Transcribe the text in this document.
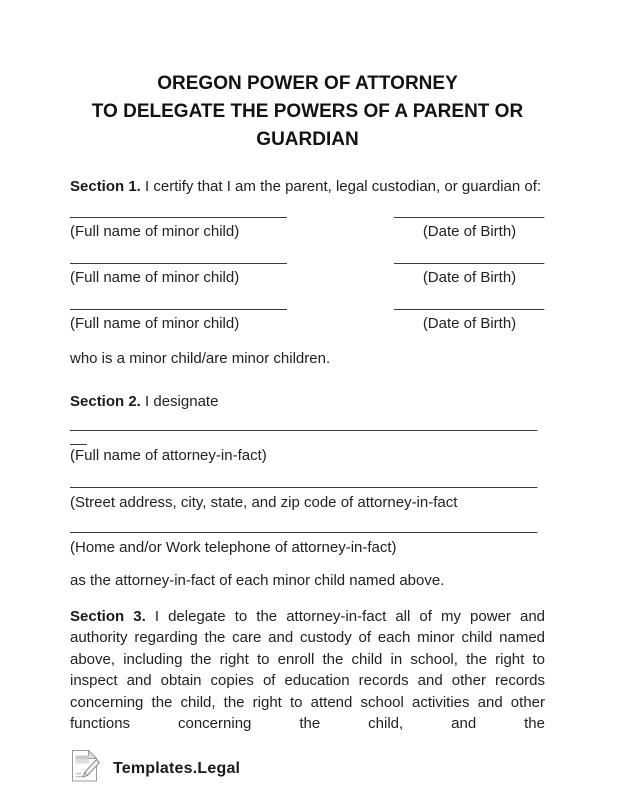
OREGON POWER OF ATTORNEY
TO DELEGATE THE POWERS OF A PARENT OR
GUARDIAN

Section 1. I certify that I am the parent, legal custodian, or guardian of:

__________________________	__________________
(Full name of minor child)	(Date of Birth)
__________________________	__________________
(Full name of minor child)	(Date of Birth)
__________________________	__________________
(Full name of minor child)	(Date of Birth)

who is a minor child/are minor children.

Section 2. I designate

__________________________________________________________

(Full name of attorney-in-fact)

________________________________________________________

(Street address, city, state, and zip code of attorney-in-fact

________________________________________________________

(Home and/or Work telephone of attorney-in-fact)

as the attorney-in-fact of each minor child named above.

Section 3. I delegate to the attorney-in-fact all of my power and authority regarding the care and custody of each minor child named above, including the right to enroll the child in school, the right to inspect and obtain copies of education records and other records concerning the child, the right to attend school activities and other functions concerning the child, and the

Templates.Legal
